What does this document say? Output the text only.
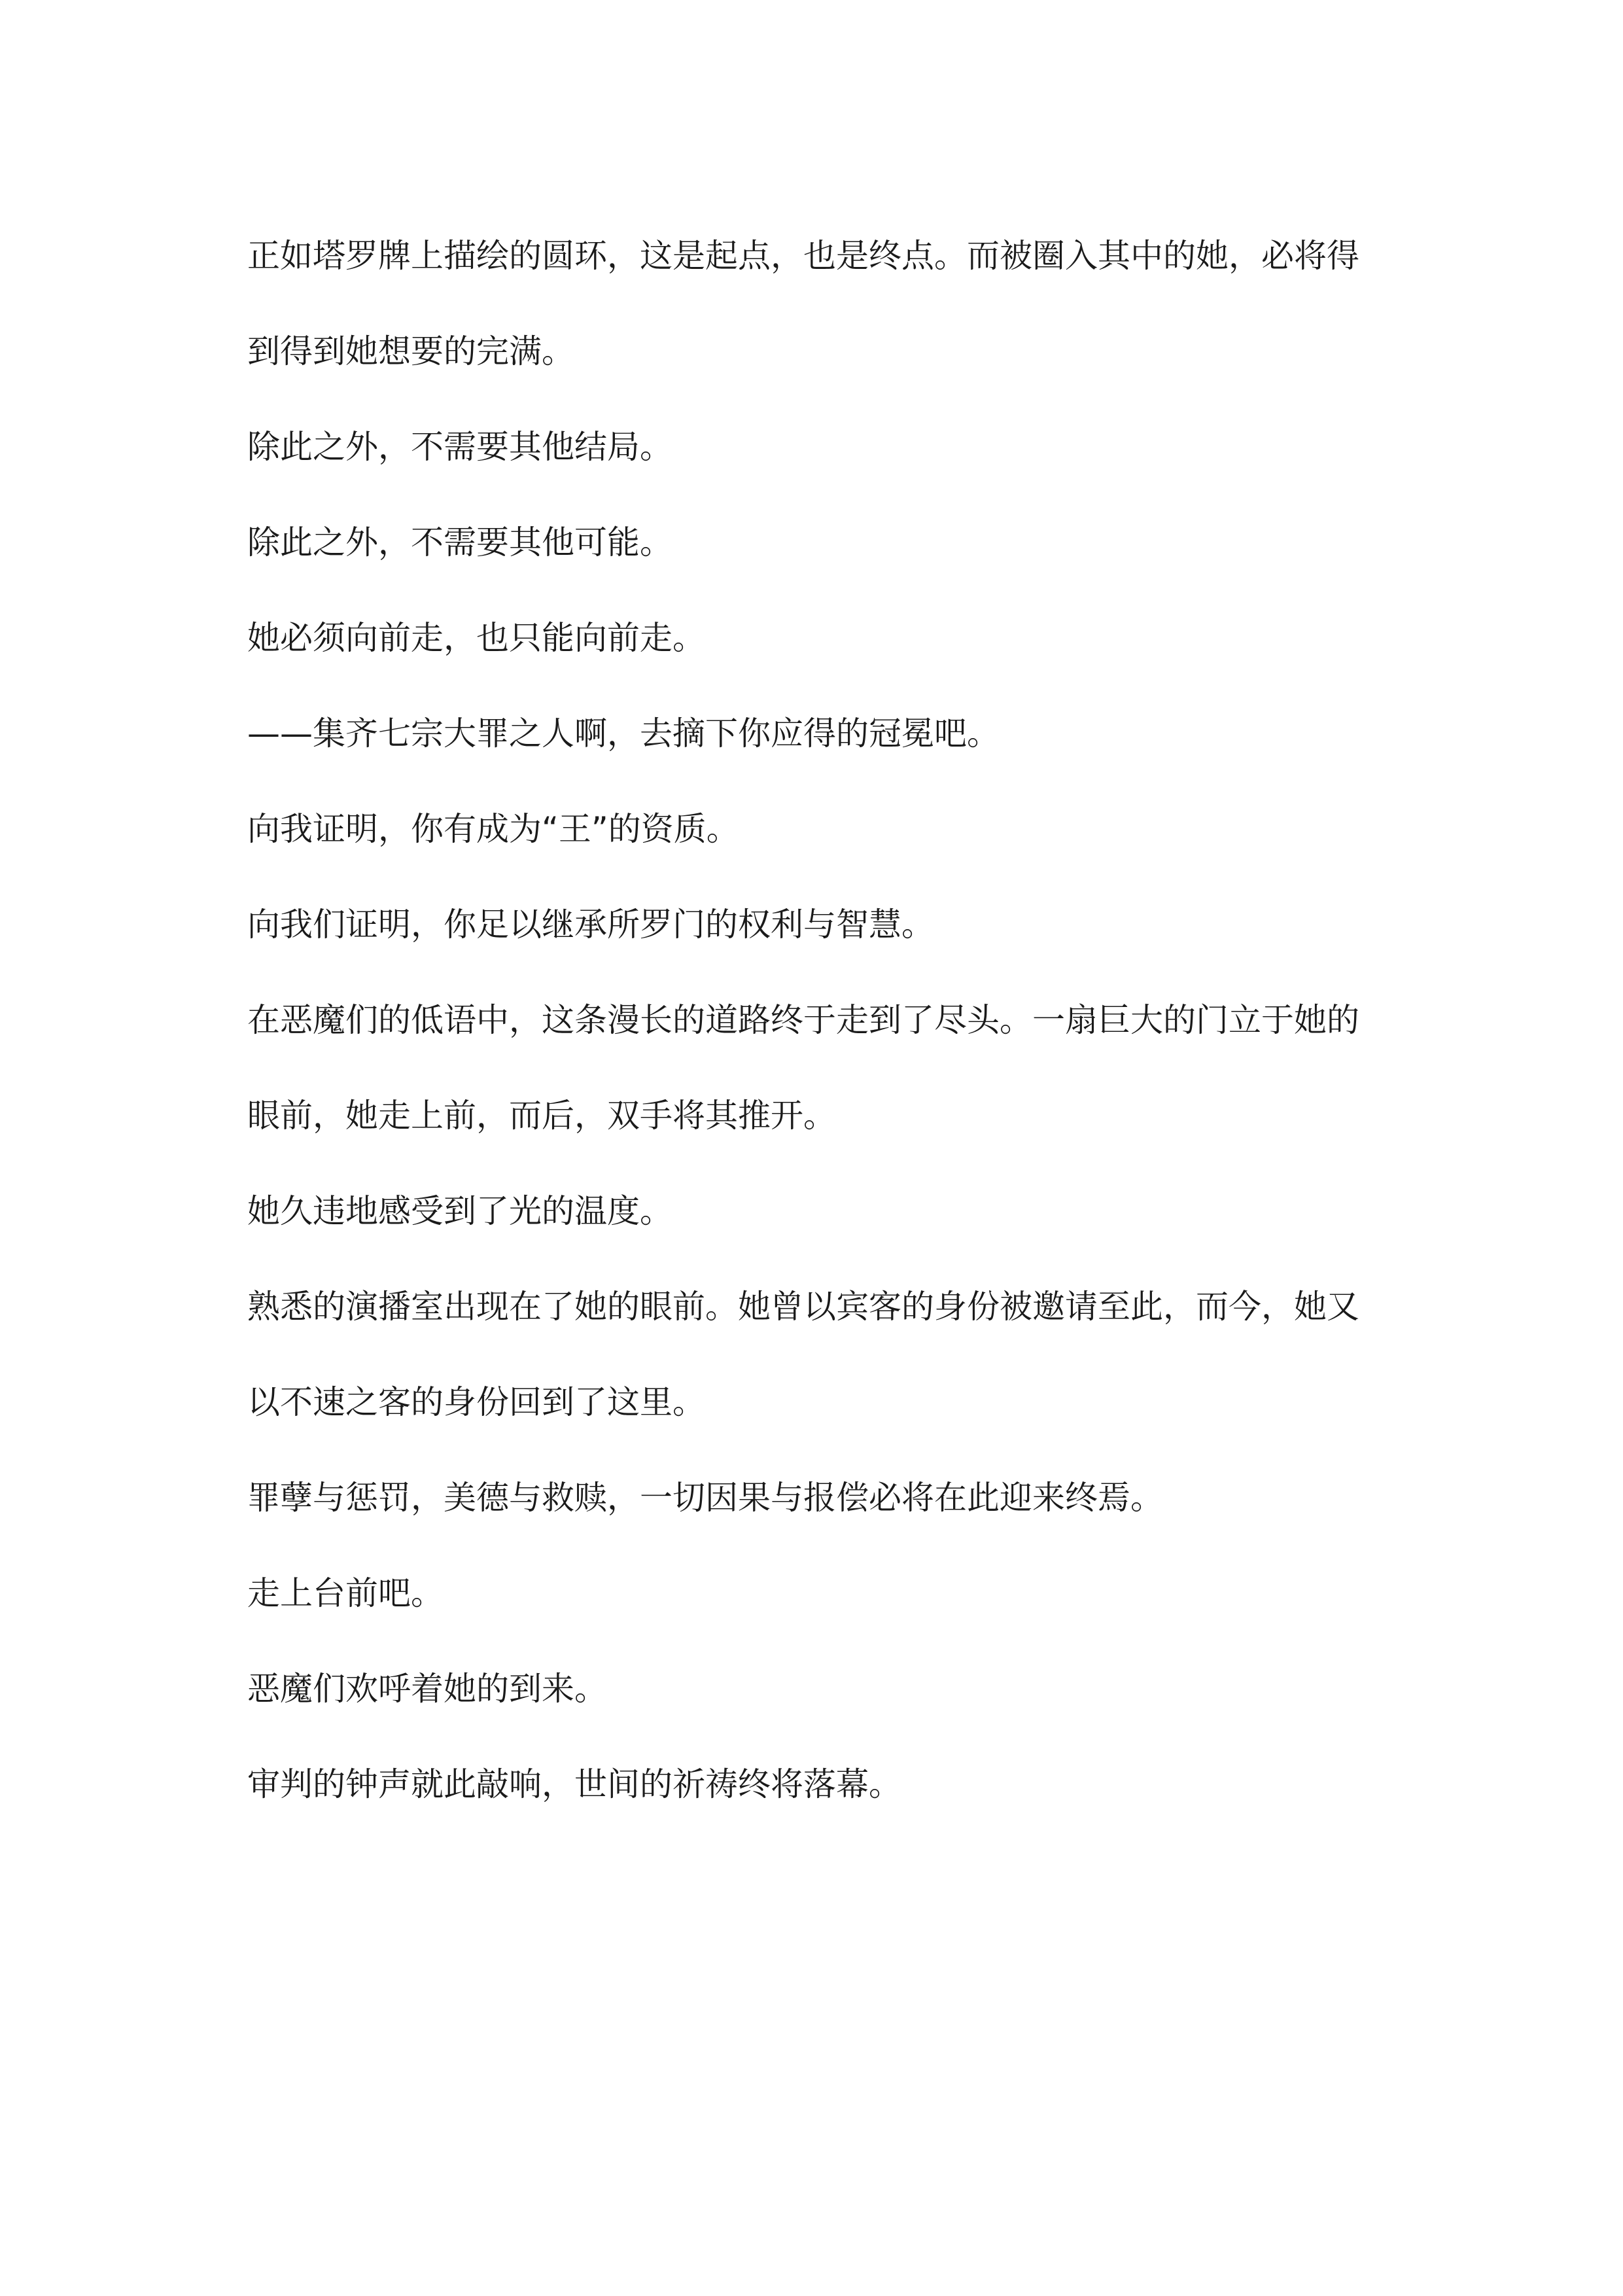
正如塔罗牌上描绘的圆环，这是起点，也是终点。而被圈入其中的她，必将得到得到她想要的完满。

除此之外，不需要其他结局。

除此之外，不需要其他可能。

她必须向前走，也只能向前走。

——集齐七宗大罪之人啊，去摘下你应得的冠冕吧。

向我证明，你有成为“王”的资质。

向我们证明，你足以继承所罗门的权利与智慧。

在恶魔们的低语中，这条漫长的道路终于走到了尽头。一扇巨大的门立于她的眼前，她走上前，而后，双手将其推开。

她久违地感受到了光的温度。

熟悉的演播室出现在了她的眼前。她曾以宾客的身份被邀请至此，而今，她又以不速之客的身份回到了这里。

罪孽与惩罚，美德与救赎，一切因果与报偿必将在此迎来终焉。

走上台前吧。

恶魔们欢呼着她的到来。

审判的钟声就此敲响，世间的祈祷终将落幕。
